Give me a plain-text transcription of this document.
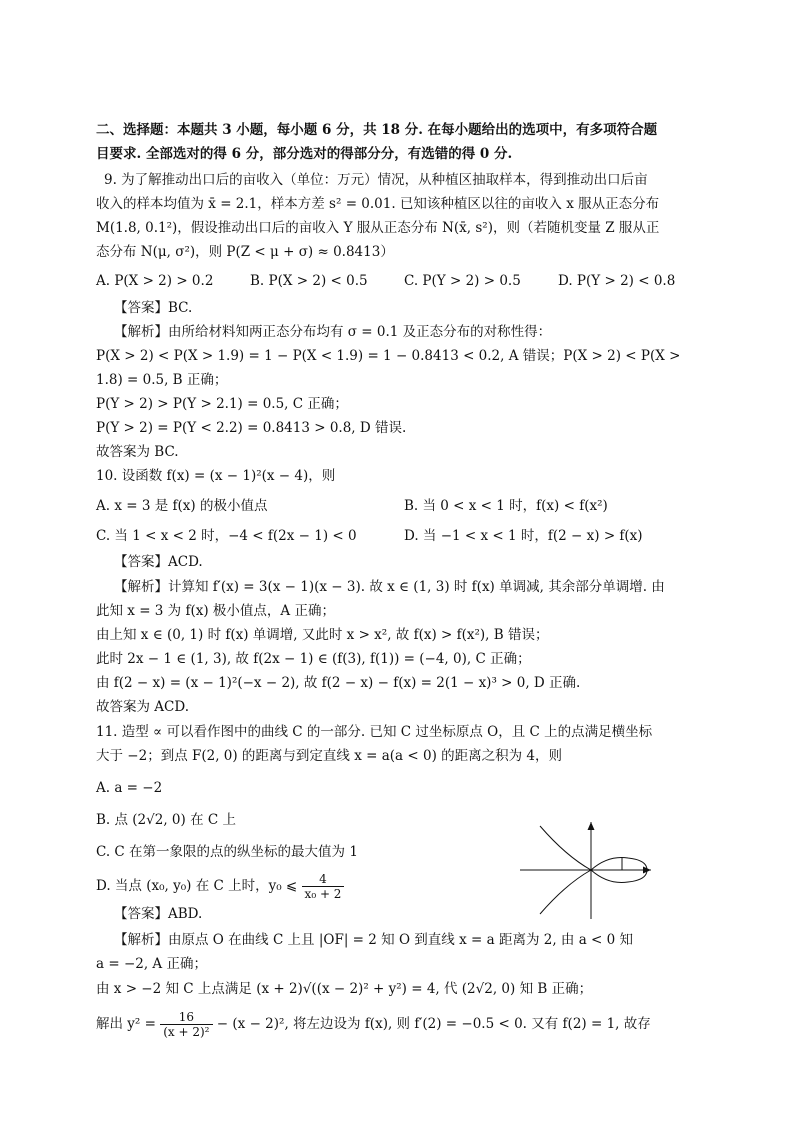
二、选择题：本题共 3 小题，每小题 6 分，共 18 分. 在每小题给出的选项中，有多项符合题
目要求. 全部选对的得 6 分，部分选对的得部分分，有选错的得 0 分.
9. 为了解推动出口后的亩收入（单位：万元）情况，从种植区抽取样本，得到推动出口后亩
收入的样本均值为 x̄ = 2.1，样本方差 s² = 0.01. 已知该种植区以往的亩收入 x 服从正态分布
M(1.8, 0.1²)，假设推动出口后的亩收入 Y 服从正态分布 N(x̄, s²)，则（若随机变量 Z 服从正
态分布 N(μ, σ²)，则 P(Z < μ + σ) ≈ 0.8413）
A. P(X > 2) > 0.2	B. P(X > 2) < 0.5	C. P(Y > 2) > 0.5	D. P(Y > 2) < 0.8
【答案】BC.
【解析】由所给材料知两正态分布均有 σ = 0.1 及正态分布的对称性得：
P(X > 2) < P(X > 1.9) = 1 − P(X < 1.9) = 1 − 0.8413 < 0.2, A 错误；P(X > 2) < P(X >
1.8) = 0.5, B 正确；
P(Y > 2) > P(Y > 2.1) = 0.5, C 正确；
P(Y > 2) = P(Y < 2.2) = 0.8413 > 0.8, D 错误.
故答案为 BC.
10. 设函数 f(x) = (x − 1)²(x − 4)，则
A. x = 3 是 f(x) 的极小值点	B. 当 0 < x < 1 时，f(x) < f(x²)
C. 当 1 < x < 2 时，−4 < f(2x − 1) < 0	D. 当 −1 < x < 1 时，f(2 − x) > f(x)
【答案】ACD.
【解析】计算知 f′(x) = 3(x − 1)(x − 3). 故 x ∈ (1, 3) 时 f(x) 单调减, 其余部分单调增. 由
此知 x = 3 为 f(x) 极小值点，A 正确；
由上知 x ∈ (0, 1) 时 f(x) 单调增, 又此时 x > x², 故 f(x) > f(x²), B 错误；
此时 2x − 1 ∈ (1, 3), 故 f(2x − 1) ∈ (f(3), f(1)) = (−4, 0), C 正确；
由 f(2 − x) = (x − 1)²(−x − 2), 故 f(2 − x) − f(x) = 2(1 − x)³ > 0, D 正确.
故答案为 ACD.
11. 造型 ∝ 可以看作图中的曲线 C 的一部分. 已知 C 过坐标原点 O，且 C 上的点满足横坐标
大于 −2；到点 F(2, 0) 的距离与到定直线 x = a(a < 0) 的距离之积为 4，则
A. a = −2
B. 点 (2√2, 0) 在 C 上
C. C 在第一象限的点的纵坐标的最大值为 1
D. 当点 (x₀, y₀) 在 C 上时，y₀ ⩽ $\frac{4}{\text{x₀ + 2}}$
【答案】ABD.
【解析】由原点 O 在曲线 C 上且 |OF| = 2 知 O 到直线 x = a 距离为 2, 由 a < 0 知
a = −2, A 正确；
由 x > −2 知 C 上点满足 (x + 2)√((x − 2)² + y²) = 4, 代 (2√2, 0) 知 B 正确；
解出 $y^2 = \frac{16}{\text{(x + 2)²}} - (x - 2)^2$, 将左边设为 f(x), 则 f′(2) = −0.5 < 0. 又有 f(2) = 1, 故存
